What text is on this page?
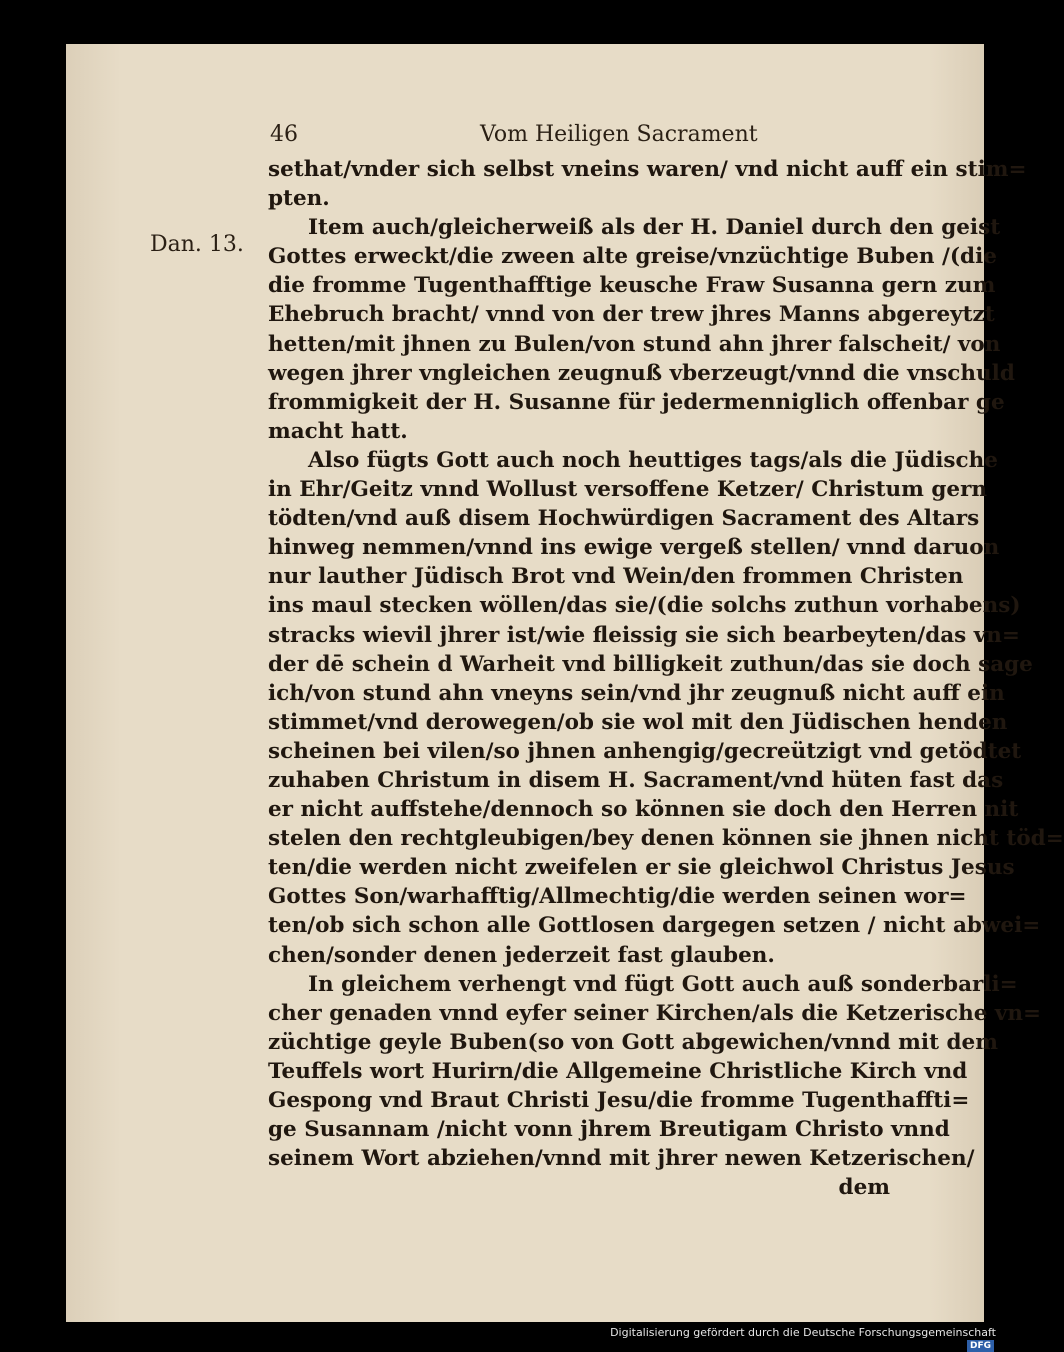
46	Vom Heiligen Sacrament
Dan. 13.
sethat/vnder sich selbst vneins waren/ vnd nicht auff ein stim=
pten.
Item auch/gleicherweiß als der H. Daniel durch den geist
Gottes erweckt/die zween alte greise/vnzüchtige Buben /(die
die fromme Tugenthafftige keusche Fraw Susanna gern zum
Ehebruch bracht/ vnnd von der trew jhres Manns abgereytzt
hetten/mit jhnen zu Bulen/von stund ahn jhrer falscheit/ von
wegen jhrer vngleichen zeugnuß vberzeugt/vnnd die vnschuld
frommigkeit der H. Susanne für jedermenniglich offenbar ge
macht hatt.
Also fügts Gott auch noch heuttiges tags/als die Jüdische
in Ehr/Geitz vnnd Wollust versoffene Ketzer/ Christum gern
tödten/vnd auß disem Hochwürdigen Sacrament des Altars
hinweg nemmen/vnnd ins ewige vergeß stellen/ vnnd daruon
nur lauther Jüdisch Brot vnd Wein/den frommen Christen
ins maul stecken wöllen/das sie/(die solchs zuthun vorhabens)
stracks wievil jhrer ist/wie fleissig sie sich bearbeyten/das vn=
der dē schein d Warheit vnd billigkeit zuthun/das sie doch sage
ich/von stund ahn vneyns sein/vnd jhr zeugnuß nicht auff ein
stimmet/vnd derowegen/ob sie wol mit den Jüdischen henden
scheinen bei vilen/so jhnen anhengig/gecreützigt vnd getödtet
zuhaben Christum in disem H. Sacrament/vnd hüten fast das
er nicht auffstehe/dennoch so können sie doch den Herren nit
stelen den rechtgleubigen/bey denen können sie jhnen nicht töd=
ten/die werden nicht zweifelen er sie gleichwol Christus Jesus
Gottes Son/warhafftig/Allmechtig/die werden seinen wor=
ten/ob sich schon alle Gottlosen dargegen setzen / nicht abwei=
chen/sonder denen jederzeit fast glauben.
In gleichem verhengt vnd fügt Gott auch auß sonderbarli=
cher genaden vnnd eyfer seiner Kirchen/als die Ketzerische vn=
züchtige geyle Buben(so von Gott abgewichen/vnnd mit dem
Teuffels wort Hurirn/die Allgemeine Christliche Kirch vnd
Gespong vnd Braut Christi Jesu/die fromme Tugenthaffti=
ge Susannam /nicht vonn jhrem Breutigam Christo vnnd
seinem Wort abziehen/vnnd mit jhrer newen Ketzerischen/
dem
Digitalisierung gefördert durch die Deutsche Forschungsgemeinschaft DFG
